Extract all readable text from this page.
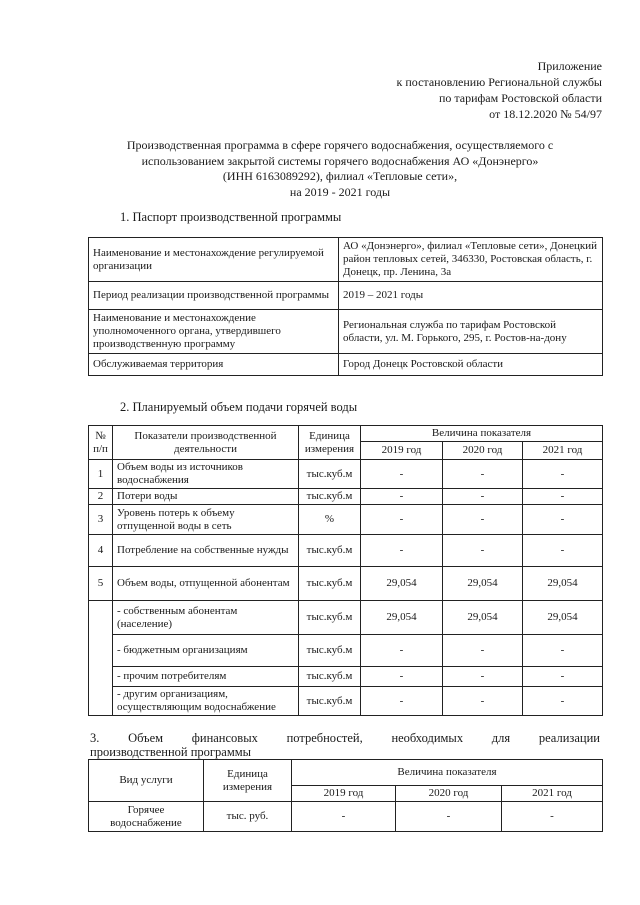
Приложение
к постановлению Региональной службы
по тарифам Ростовской области
от 18.12.2020 № 54/97
Производственная программа в сфере горячего водоснабжения, осуществляемого с
использованием закрытой системы горячего водоснабжения АО «Донэнерго»
(ИНН 6163089292), филиал «Тепловые сети»,
на 2019 - 2021 годы
1. Паспорт производственной программы
Наименование и местонахождение регулируемой организации	АО «Донэнерго», филиал «Тепловые сети», Донецкий район тепловых сетей, 346330, Ростовская область, г. Донецк, пр. Ленина, 3а
Период реализации производственной программы	2019 – 2021 годы
Наименование и местонахождение уполномоченного органа, утвердившего производственную программу	Региональная служба по тарифам Ростовской области, ул. М. Горького, 295, г. Ростов-на-дону
Обслуживаемая территория	Город Донецк Ростовской области
2. Планируемый объем подачи горячей воды
№ п/п	Показатели производственной деятельности	Единица измерения	Величина показателя		
			2019 год	2020 год	2021 год
1	Объем воды из источников водоснабжения	тыс.куб.м	-	-	-
2	Потери воды	тыс.куб.м	-	-	-
3	Уровень потерь к объему отпущенной воды в сеть	%	-	-	-
4	Потребление на собственные нужды	тыс.куб.м	-	-	-
5	Объем воды, отпущенной абонентам	тыс.куб.м	29,054	29,054	29,054
	- собственным абонентам (население)	тыс.куб.м	29,054	29,054	29,054
	- бюджетным организациям	тыс.куб.м	-	-	-
	- прочим потребителям	тыс.куб.м	-	-	-
	- другим организациям, осуществляющим водоснабжение	тыс.куб.м	-	-	-
3. Объем финансовых потребностей, необходимых для реализации
производственной программы
Вид услуги	Единица измерения	Величина показателя		
		2019 год	2020 год	2021 год
Горячее водоснабжение	тыс. руб.	-	-	-
